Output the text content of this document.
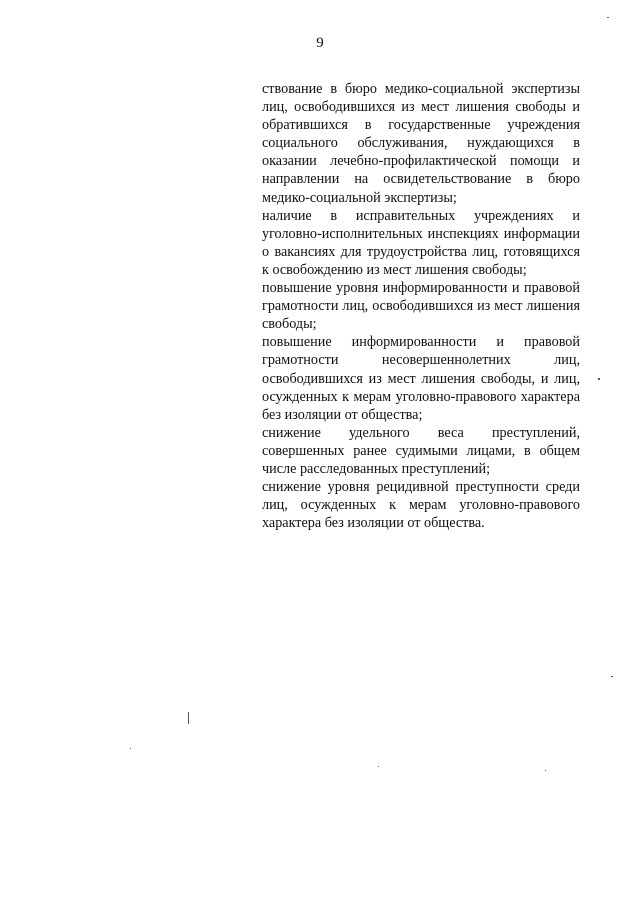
9

ствование в бюро медико-социальной экспертизы лиц, освободившихся из мест лишения свободы и обратившихся в государственные учреждения социального обслуживания, нуждающихся в оказании лечебно-профилактической помощи и направлении на освидетельствование в бюро медико-социальной экспертизы;

наличие в исправительных учреждениях и уголовно-исполнительных инспекциях информации о вакансиях для трудоустройства лиц, готовящихся к освобождению из мест лишения свободы;

повышение уровня информированности и правовой грамотности лиц, освободившихся из мест лишения свободы;

повышение информированности и правовой грамотности несовершеннолетних лиц, освободившихся из мест лишения свободы, и лиц, осужденных к мерам уголовно-правового характера без изоляции от общества;

снижение удельного веса преступлений, совершенных ранее судимыми лицами, в общем числе расследованных преступлений;

снижение уровня рецидивной преступности среди лиц, осужденных к мерам уголовно-правового характера без изоляции от общества.
